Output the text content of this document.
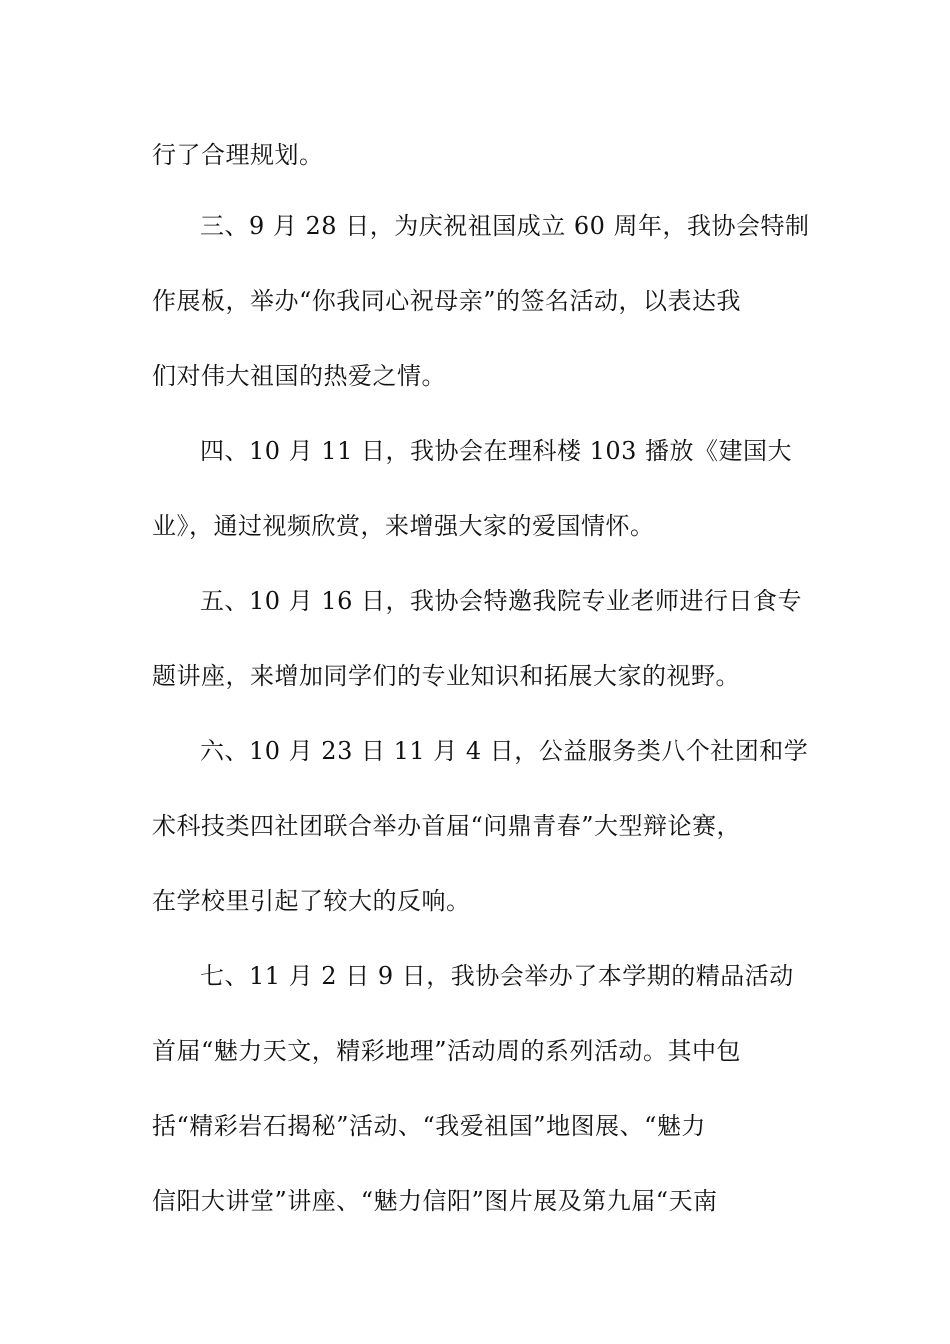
行了合理规划。
三、9 月 28 日，为庆祝祖国成立 60 周年，我协会特制
作展板，举办“你我同心祝母亲”的签名活动，以表达我
们对伟大祖国的热爱之情。
四、10 月 11 日，我协会在理科楼 103 播放《建国大
业》，通过视频欣赏，来增强大家的爱国情怀。
五、10 月 16 日，我协会特邀我院专业老师进行日食专
题讲座，来增加同学们的专业知识和拓展大家的视野。
六、10 月 23 日 11 月 4 日，公益服务类八个社团和学
术科技类四社团联合举办首届“问鼎青春”大型辩论赛，
在学校里引起了较大的反响。
七、11 月 2 日 9 日，我协会举办了本学期的精品活动
首届“魅力天文，精彩地理”活动周的系列活动。其中包
括“精彩岩石揭秘”活动、“我爱祖国”地图展、“魅力
信阳大讲堂”讲座、“魅力信阳”图片展及第九届“天南
